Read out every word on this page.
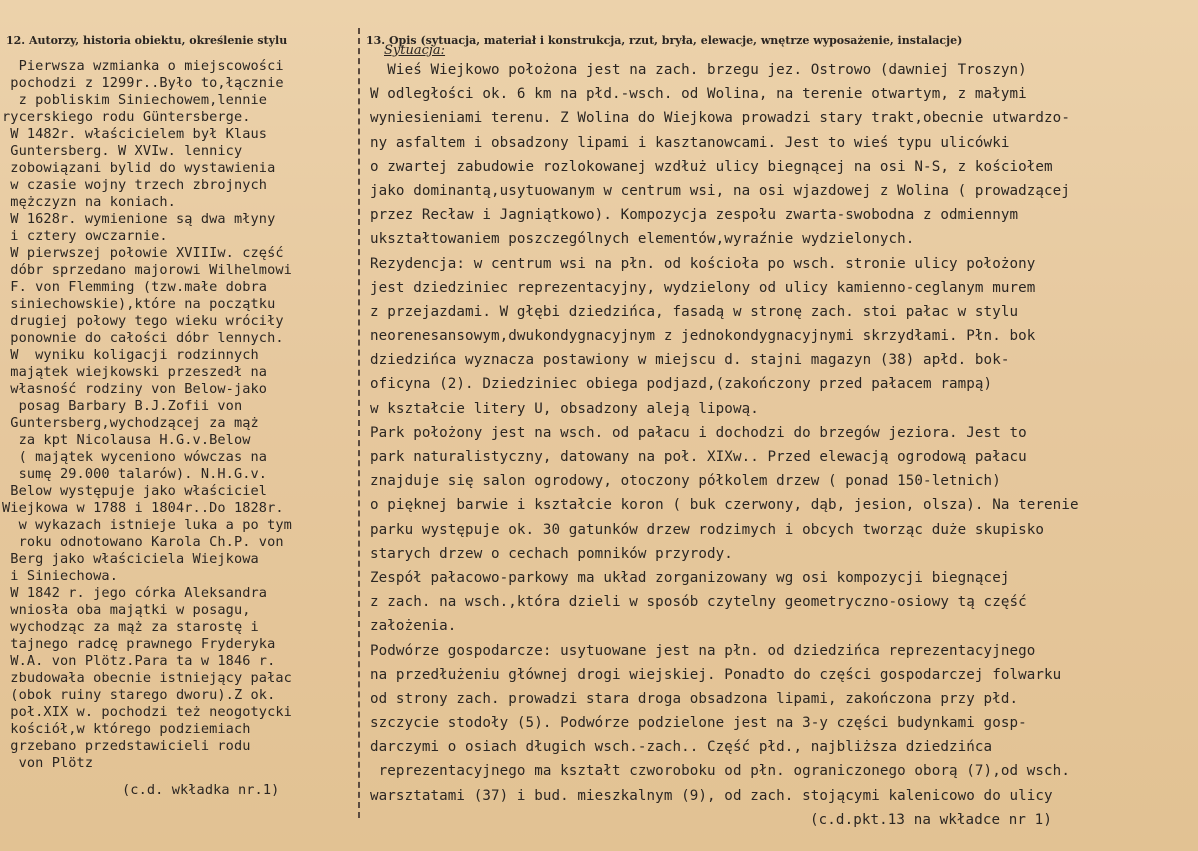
12. Autorzy, historia obiektu, określenie stylu	13. Opis (sytuacja, materiał i konstrukcja, rzut, bryła, elewacje, wnętrze wyposażenie, instalacje)
Pierwsza wzmianka o miejscowości
pochodzi z 1299r..Było to,łącznie
z pobliskim Siniechowem,lennie
rycerskiego rodu Güntersberge.
W 1482r. właścicielem był Klaus
Guntersberg. W XVIw. lennicy
zobowiązani bylid do wystawienia
w czasie wojny trzech zbrojnych
mężczyzn na koniach.
W 1628r. wymienione są dwa młyny
i cztery owczarnie.
W pierwszej połowie XVIIIw. część
dóbr sprzedano majorowi Wilhelmowi
F. von Flemming (tzw.małe dobra
siniechowskie),które na początku
drugiej połowy tego wieku wróciły
ponownie do całości dóbr lennych.
W  wyniku koligacji rodzinnych
majątek wiejkowski przeszedł na
własność rodziny von Below-jako
posag Barbary B.J.Zofii von
Guntersberg,wychodzącej za mąż
za kpt Nicolausa H.G.v.Below
( majątek wyceniono wówczas na
sumę 29.000 talarów). N.H.G.v.
Below występuje jako właściciel
Wiejkowa w 1788 i 1804r..Do 1828r.
w wykazach istnieje luka a po tym
roku odnotowano Karola Ch.P. von
Berg jako właściciela Wiejkowa
i Siniechowa.
W 1842 r. jego córka Aleksandra
wniosła oba majątki w posagu,
wychodząc za mąż za starostę i
tajnego radcę prawnego Fryderyka
W.A. von Plötz.Para ta w 1846 r.
zbudowała obecnie istniejący pałac
(obok ruiny starego dworu).Z ok.
poł.XIX w. pochodzi też neogotycki
kościół,w którego podziemiach
grzebano przedstawicieli rodu
von Plötz
(c.d. wkładka nr.1)
Sytuacja:
Wieś Wiejkowo położona jest na zach. brzegu jez. Ostrowo (dawniej Troszyn)
W odległości ok. 6 km na płd.-wsch. od Wolina, na terenie otwartym, z małymi
wyniesieniami terenu. Z Wolina do Wiejkowa prowadzi stary trakt,obecnie utwardzo-
ny asfaltem i obsadzony lipami i kasztanowcami. Jest to wieś typu ulicówki
o zwartej zabudowie rozlokowanej wzdłuż ulicy biegnącej na osi N-S, z kościołem
jako dominantą,usytuowanym w centrum wsi, na osi wjazdowej z Wolina ( prowadzącej
przez Recław i Jagniątkowo). Kompozycja zespołu zwarta-swobodna z odmiennym
ukształtowaniem poszczególnych elementów,wyraźnie wydzielonych.
Rezydencja: w centrum wsi na płn. od kościoła po wsch. stronie ulicy położony
jest dziedziniec reprezentacyjny, wydzielony od ulicy kamienno-ceglanym murem
z przejazdami. W głębi dziedzińca, fasadą w stronę zach. stoi pałac w stylu
neorenesansowym,dwukondygnacyjnym z jednokondygnacyjnymi skrzydłami. Płn. bok
dziedzińca wyznacza postawiony w miejscu d. stajni magazyn (38) apłd. bok-
oficyna (2). Dziedziniec obiega podjazd,(zakończony przed pałacem rampą)
w kształcie litery U, obsadzony aleją lipową.
Park położony jest na wsch. od pałacu i dochodzi do brzegów jeziora. Jest to
park naturalistyczny, datowany na poł. XIXw.. Przed elewacją ogrodową pałacu
znajduje się salon ogrodowy, otoczony półkolem drzew ( ponad 150-letnich)
o pięknej barwie i kształcie koron ( buk czerwony, dąb, jesion, olsza). Na terenie
parku występuje ok. 30 gatunków drzew rodzimych i obcych tworząc duże skupisko
starych drzew o cechach pomników przyrody.
Zespół pałacowo-parkowy ma układ zorganizowany wg osi kompozycji biegnącej
z zach. na wsch.,która dzieli w sposób czytelny geometryczno-osiowy tą część
założenia.
Podwórze gospodarcze: usytuowane jest na płn. od dziedzińca reprezentacyjnego
na przedłużeniu głównej drogi wiejskiej. Ponadto do części gospodarczej folwarku
od strony zach. prowadzi stara droga obsadzona lipami, zakończona przy płd.
szczycie stodoły (5). Podwórze podzielone jest na 3-y części budynkami gosp-
darczymi o osiach długich wsch.-zach.. Część płd., najbliższa dziedzińca
reprezentacyjnego ma kształt czworoboku od płn. ograniczonego oborą (7),od wsch.
warsztatami (37) i bud. mieszkalnym (9), od zach. stojącymi kalenicowo do ulicy
(c.d.pkt.13 na wkładce nr 1)
